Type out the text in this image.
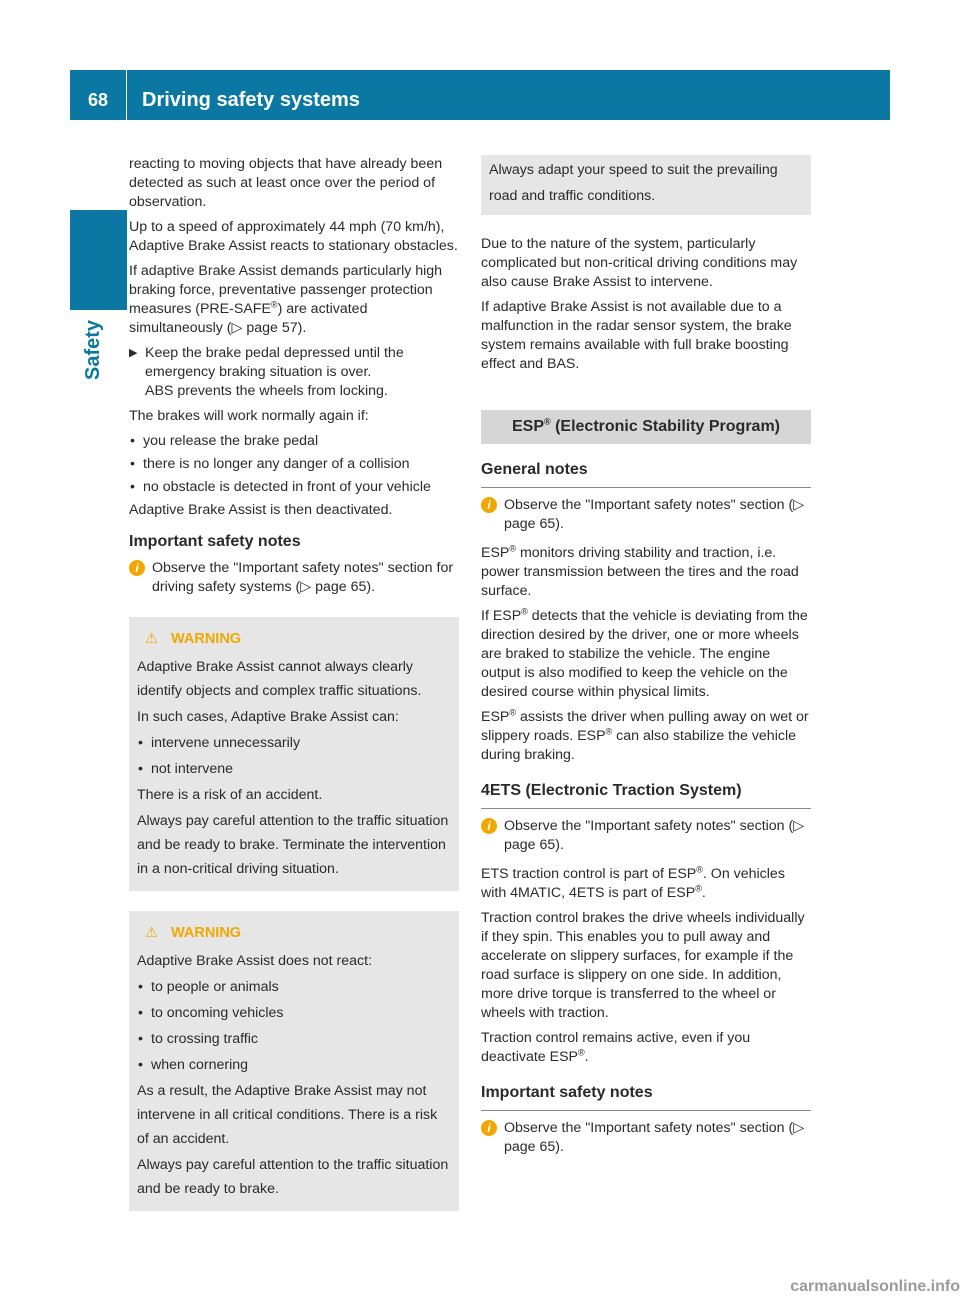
68	Driving safety systems
Safety

reacting to moving objects that have already been detected as such at least once over the period of observation.

Up to a speed of approximately 44 mph (70 km/h), Adaptive Brake Assist reacts to stationary obstacles.

If adaptive Brake Assist demands particularly high braking force, preventative passenger protection measures (PRE-SAFE®) are activated simultaneously (▷ page 57).

▶ Keep the brake pedal depressed until the emergency braking situation is over.
ABS prevents the wheels from locking.

The brakes will work normally again if:

• you release the brake pedal
• there is no longer any danger of a collision
• no obstacle is detected in front of your vehicle

Adaptive Brake Assist is then deactivated.

Important safety notes
i Observe the "Important safety notes" section for driving safety systems (▷ page 65).
⚠ WARNING

Adaptive Brake Assist cannot always clearly identify objects and complex traffic situations.

In such cases, Adaptive Brake Assist can:

• intervene unnecessarily
• not intervene

There is a risk of an accident.

Always pay careful attention to the traffic situation and be ready to brake. Terminate the intervention in a non-critical driving situation.

⚠ WARNING

Adaptive Brake Assist does not react:

• to people or animals
• to oncoming vehicles
• to crossing traffic
• when cornering

As a result, the Adaptive Brake Assist may not intervene in all critical conditions. There is a risk of an accident.

Always pay careful attention to the traffic situation and be ready to brake.

Always adapt your speed to suit the prevailing road and traffic conditions.

Due to the nature of the system, particularly complicated but non-critical driving conditions may also cause Brake Assist to intervene.

If adaptive Brake Assist is not available due to a malfunction in the radar sensor system, the brake system remains available with full brake boosting effect and BAS.

ESP® (Electronic Stability Program)
General notes
i Observe the "Important safety notes" section (▷ page 65).

ESP® monitors driving stability and traction, i.e. power transmission between the tires and the road surface.

If ESP® detects that the vehicle is deviating from the direction desired by the driver, one or more wheels are braked to stabilize the vehicle. The engine output is also modified to keep the vehicle on the desired course within physical limits.

ESP® assists the driver when pulling away on wet or slippery roads. ESP® can also stabilize the vehicle during braking.

4ETS (Electronic Traction System)
i Observe the "Important safety notes" section (▷ page 65).

ETS traction control is part of ESP®. On vehicles with 4MATIC, 4ETS is part of ESP®.

Traction control brakes the drive wheels individually if they spin. This enables you to pull away and accelerate on slippery surfaces, for example if the road surface is slippery on one side. In addition, more drive torque is transferred to the wheel or wheels with traction.

Traction control remains active, even if you deactivate ESP®.

Important safety notes
i Observe the "Important safety notes" section (▷ page 65).
carmanualsonline.info
